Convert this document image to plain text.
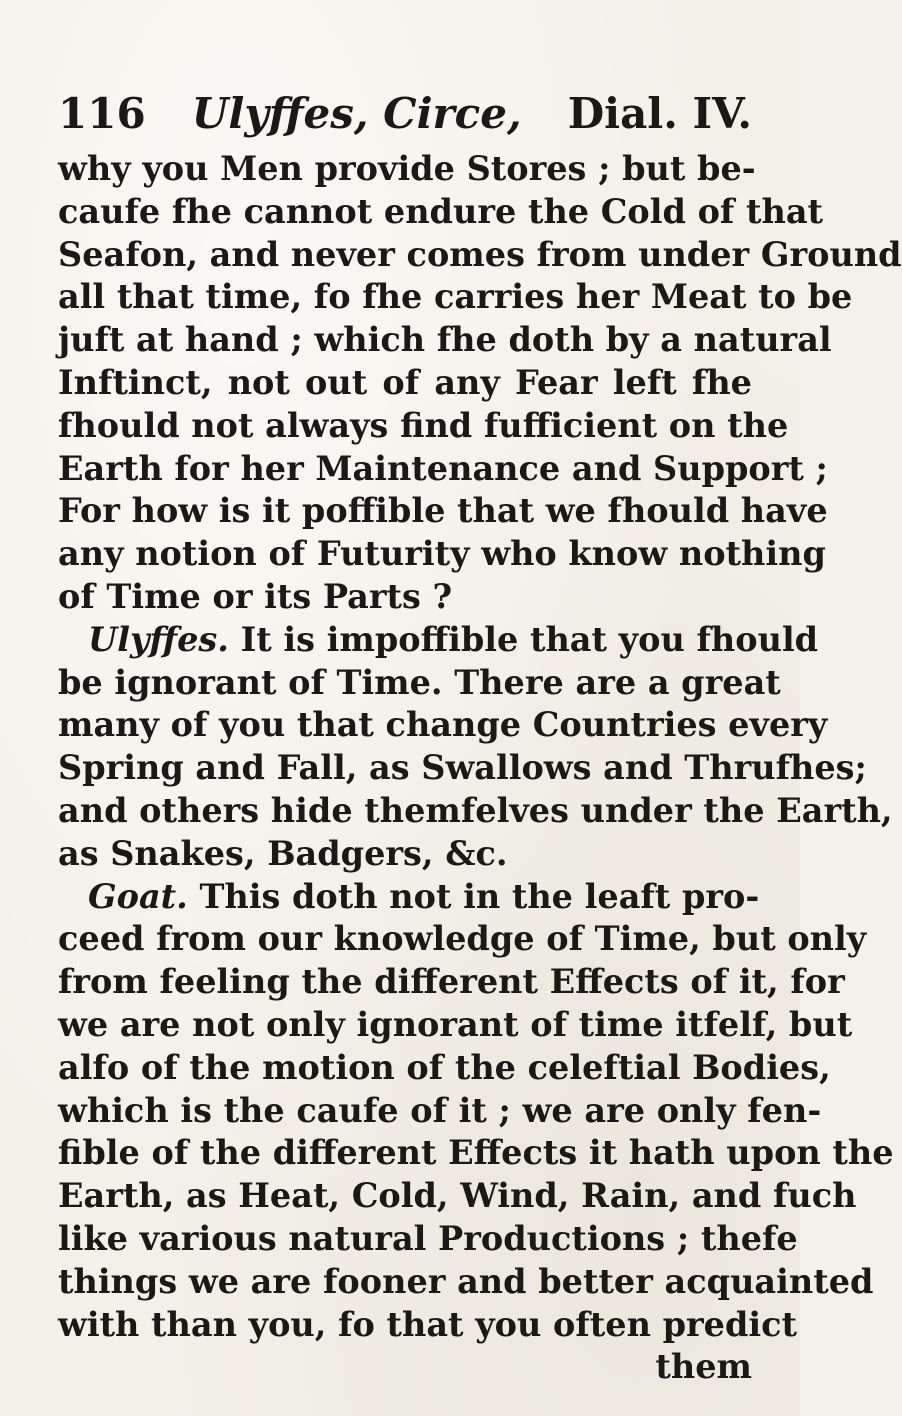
116	Ulyffes, Circe,	Dial. IV.
why you Men provide Stores ; but be-
caufe fhe cannot endure the Cold of that
Seafon, and never comes from under Ground
all that time, fo fhe carries her Meat to be
juft at hand ; which fhe doth by a natural
Inftinct, not out of any Fear left fhe
fhould not always find fufficient on the
Earth for her Maintenance and Support ;
For how is it poffible that we fhould have
any notion of Futurity who know nothing
of Time or its Parts ?
Ulyffes. It is impoffible that you fhould
be ignorant of Time. There are a great
many of you that change Countries every
Spring and Fall, as Swallows and Thrufhes;
and others hide themfelves under the Earth,
as Snakes, Badgers, &c.
Goat. This doth not in the leaft pro-
ceed from our knowledge of Time, but only
from feeling the different Effects of it, for
we are not only ignorant of time itfelf, but
alfo of the motion of the celeftial Bodies,
which is the caufe of it ; we are only fen-
fible of the different Effects it hath upon the
Earth, as Heat, Cold, Wind, Rain, and fuch
like various natural Productions ; thefe
things we are fooner and better acquainted
with than you, fo that you often predict
them
